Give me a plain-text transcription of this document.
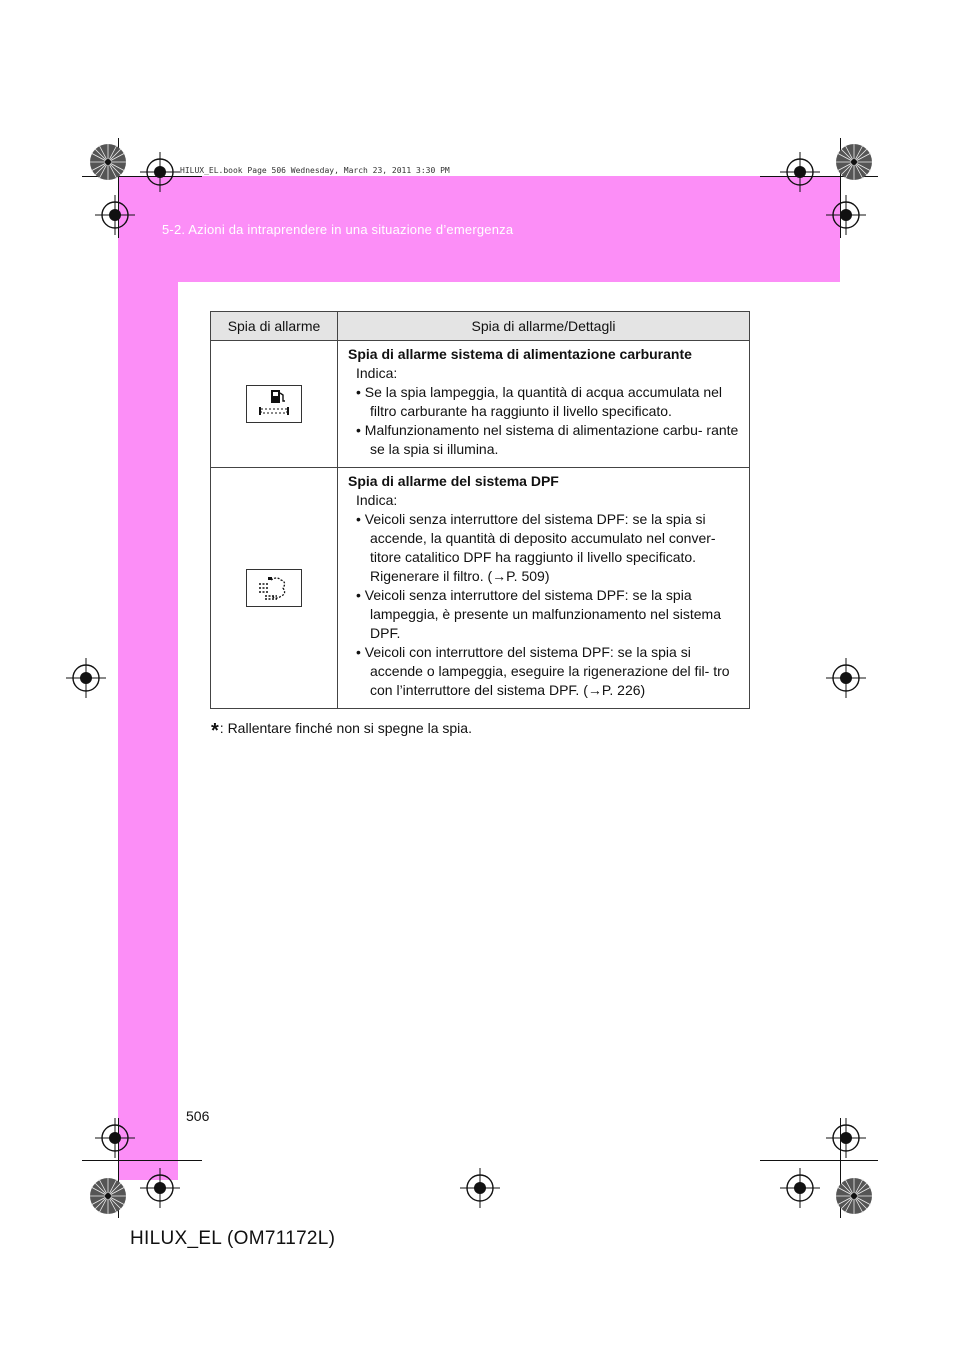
5-2. Azioni da intraprendere in una situazione d’emergenza
HILUX_EL.book Page 506 Wednesday, March 23, 2011 3:30 PM
Spia di allarme	Spia di allarme/Dettagli

Spia di allarme sistema di alimentazione carburante
Indica:
• Se la spia lampeggia, la quantità di acqua accumulata nel filtro carburante ha raggiunto il livello specificato.
• Malfunzionamento nel sistema di alimentazione carbu- rante se la spia si illumina.

Spia di allarme del sistema DPF
Indica:
• Veicoli senza interruttore del sistema DPF: se la spia si accende, la quantità di deposito accumulato nel conver- titore catalitico DPF ha raggiunto il livello specificato. Rigenerare il filtro. (→P. 509)
• Veicoli senza interruttore del sistema DPF: se la spia lampeggia, è presente un malfunzionamento nel sistema DPF.
• Veicoli con interruttore del sistema DPF: se la spia si accende o lampeggia, eseguire la rigenerazione del fil- tro con l’interruttore del sistema DPF. (→P. 226)
*: Rallentare finché non si spegne la spia.
506
HILUX_EL (OM71172L)
